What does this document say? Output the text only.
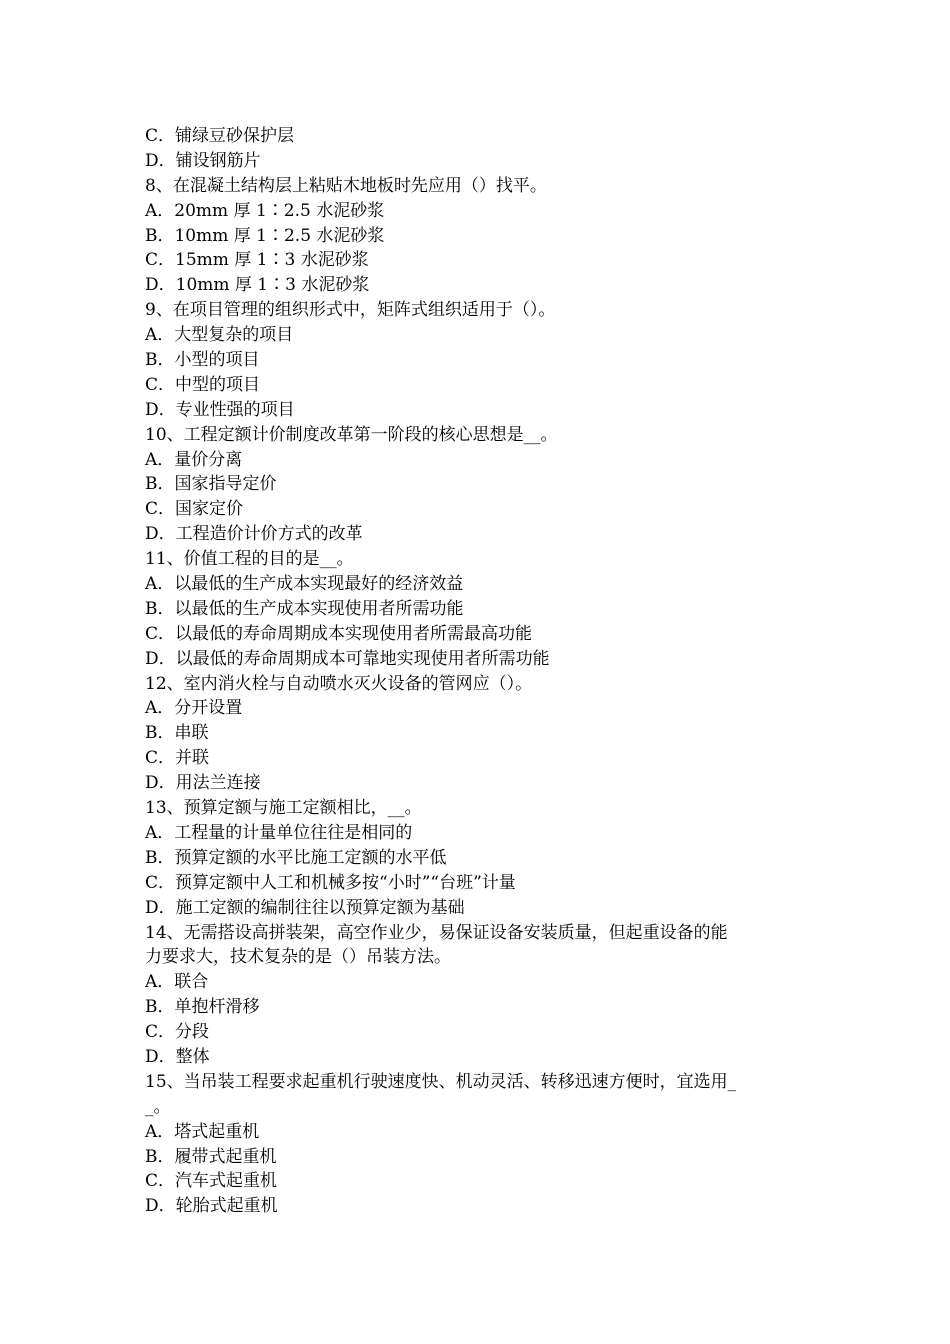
C．铺绿豆砂保护层
D．铺设钢筋片
8、在混凝土结构层上粘贴木地板时先应用（）找平。
A．20mm 厚 1∶2.5 水泥砂浆
B．10mm 厚 1∶2.5 水泥砂浆
C．15mm 厚 1∶3 水泥砂浆
D．10mm 厚 1∶3 水泥砂浆
9、在项目管理的组织形式中，矩阵式组织适用于（）。
A．大型复杂的项目
B．小型的项目
C．中型的项目
D．专业性强的项目
10、工程定额计价制度改革第一阶段的核心思想是__。
A．量价分离
B．国家指导定价
C．国家定价
D．工程造价计价方式的改革
11、价值工程的目的是__。
A．以最低的生产成本实现最好的经济效益
B．以最低的生产成本实现使用者所需功能
C．以最低的寿命周期成本实现使用者所需最高功能
D．以最低的寿命周期成本可靠地实现使用者所需功能
12、室内消火栓与自动喷水灭火设备的管网应（）。
A．分开设置
B．串联
C．并联
D．用法兰连接
13、预算定额与施工定额相比，__。
A．工程量的计量单位往往是相同的
B．预算定额的水平比施工定额的水平低
C．预算定额中人工和机械多按“小时”“台班”计量
D．施工定额的编制往往以预算定额为基础
14、无需搭设高拼装架，高空作业少，易保证设备安装质量，但起重设备的能
力要求大，技术复杂的是（）吊装方法。
A．联合
B．单抱杆滑移
C．分段
D．整体
15、当吊装工程要求起重机行驶速度快、机动灵活、转移迅速方便时，宜选用_
_。
A．塔式起重机
B．履带式起重机
C．汽车式起重机
D．轮胎式起重机
